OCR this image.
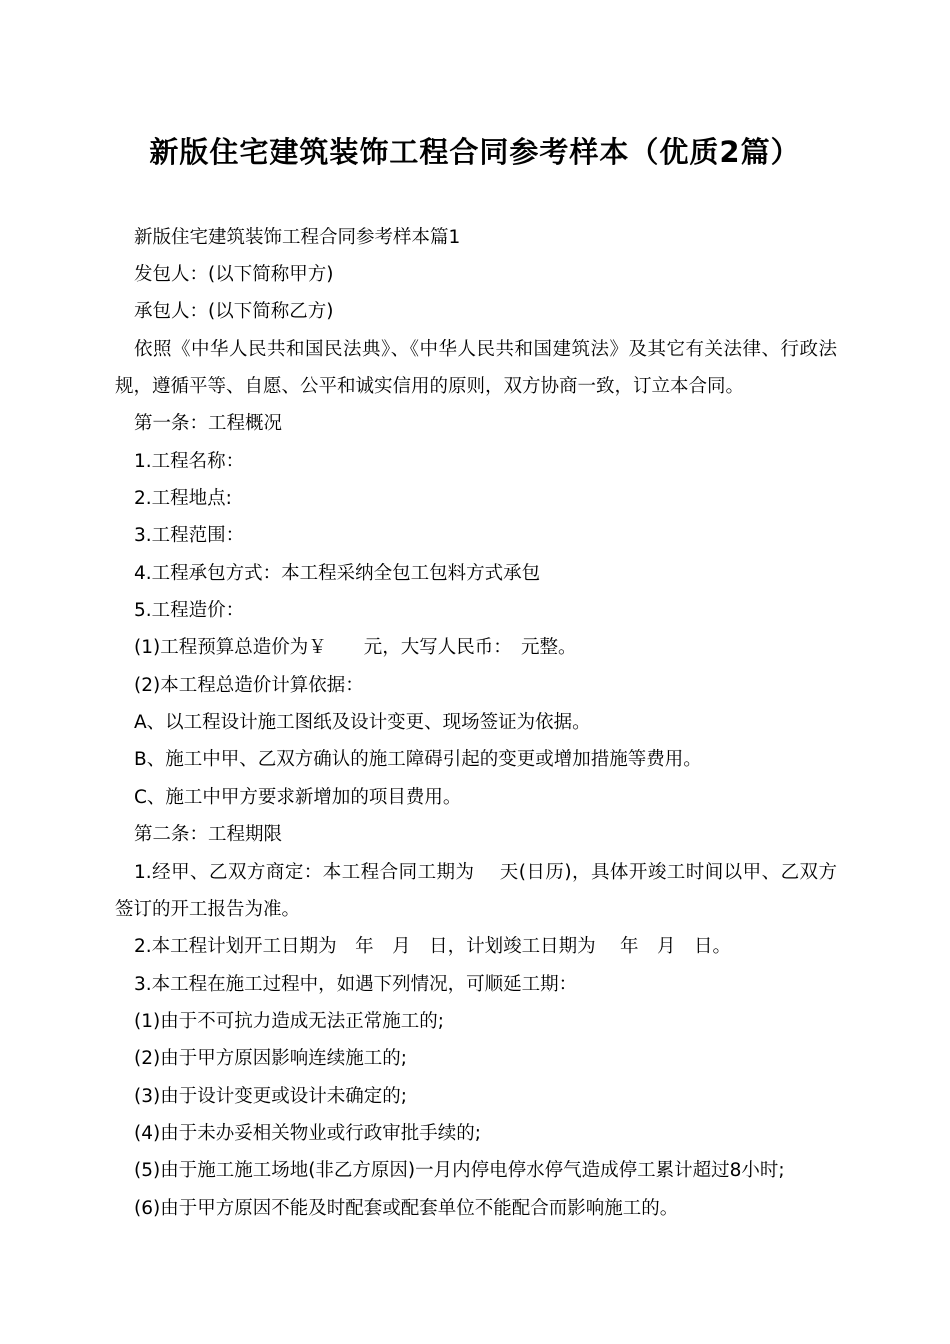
新版住宅建筑装饰工程合同参考样本（优质2篇）

新版住宅建筑装饰工程合同参考样本篇1

发包人：(以下简称甲方)

承包人：(以下简称乙方)

依照《中华人民共和国民法典》、《中华人民共和国建筑法》及其它有关法律、行政法规，遵循平等、自愿、公平和诚实信用的原则，双方协商一致，订立本合同。

第一条：工程概况

1.工程名称：

2.工程地点:

3.工程范围：

4.工程承包方式：本工程采纳全包工包料方式承包

5.工程造价：

(1)工程预算总造价为￥　　元，大写人民币：　元整。

(2)本工程总造价计算依据：

A、以工程设计施工图纸及设计变更、现场签证为依据。

B、施工中甲、乙双方确认的施工障碍引起的变更或增加措施等费用。

C、施工中甲方要求新增加的项目费用。

第二条：工程期限

1.经甲、乙双方商定：本工程合同工期为　 天(日历)，具体开竣工时间以甲、乙双方签订的开工报告为准。

2.本工程计划开工日期为　年　月　日，计划竣工日期为　 年　月　日。

3.本工程在施工过程中，如遇下列情况，可顺延工期：

(1)由于不可抗力造成无法正常施工的;

(2)由于甲方原因影响连续施工的;

(3)由于设计变更或设计未确定的;

(4)由于未办妥相关物业或行政审批手续的;

(5)由于施工施工场地(非乙方原因)一月内停电停水停气造成停工累计超过8小时;

(6)由于甲方原因不能及时配套或配套单位不能配合而影响施工的。
